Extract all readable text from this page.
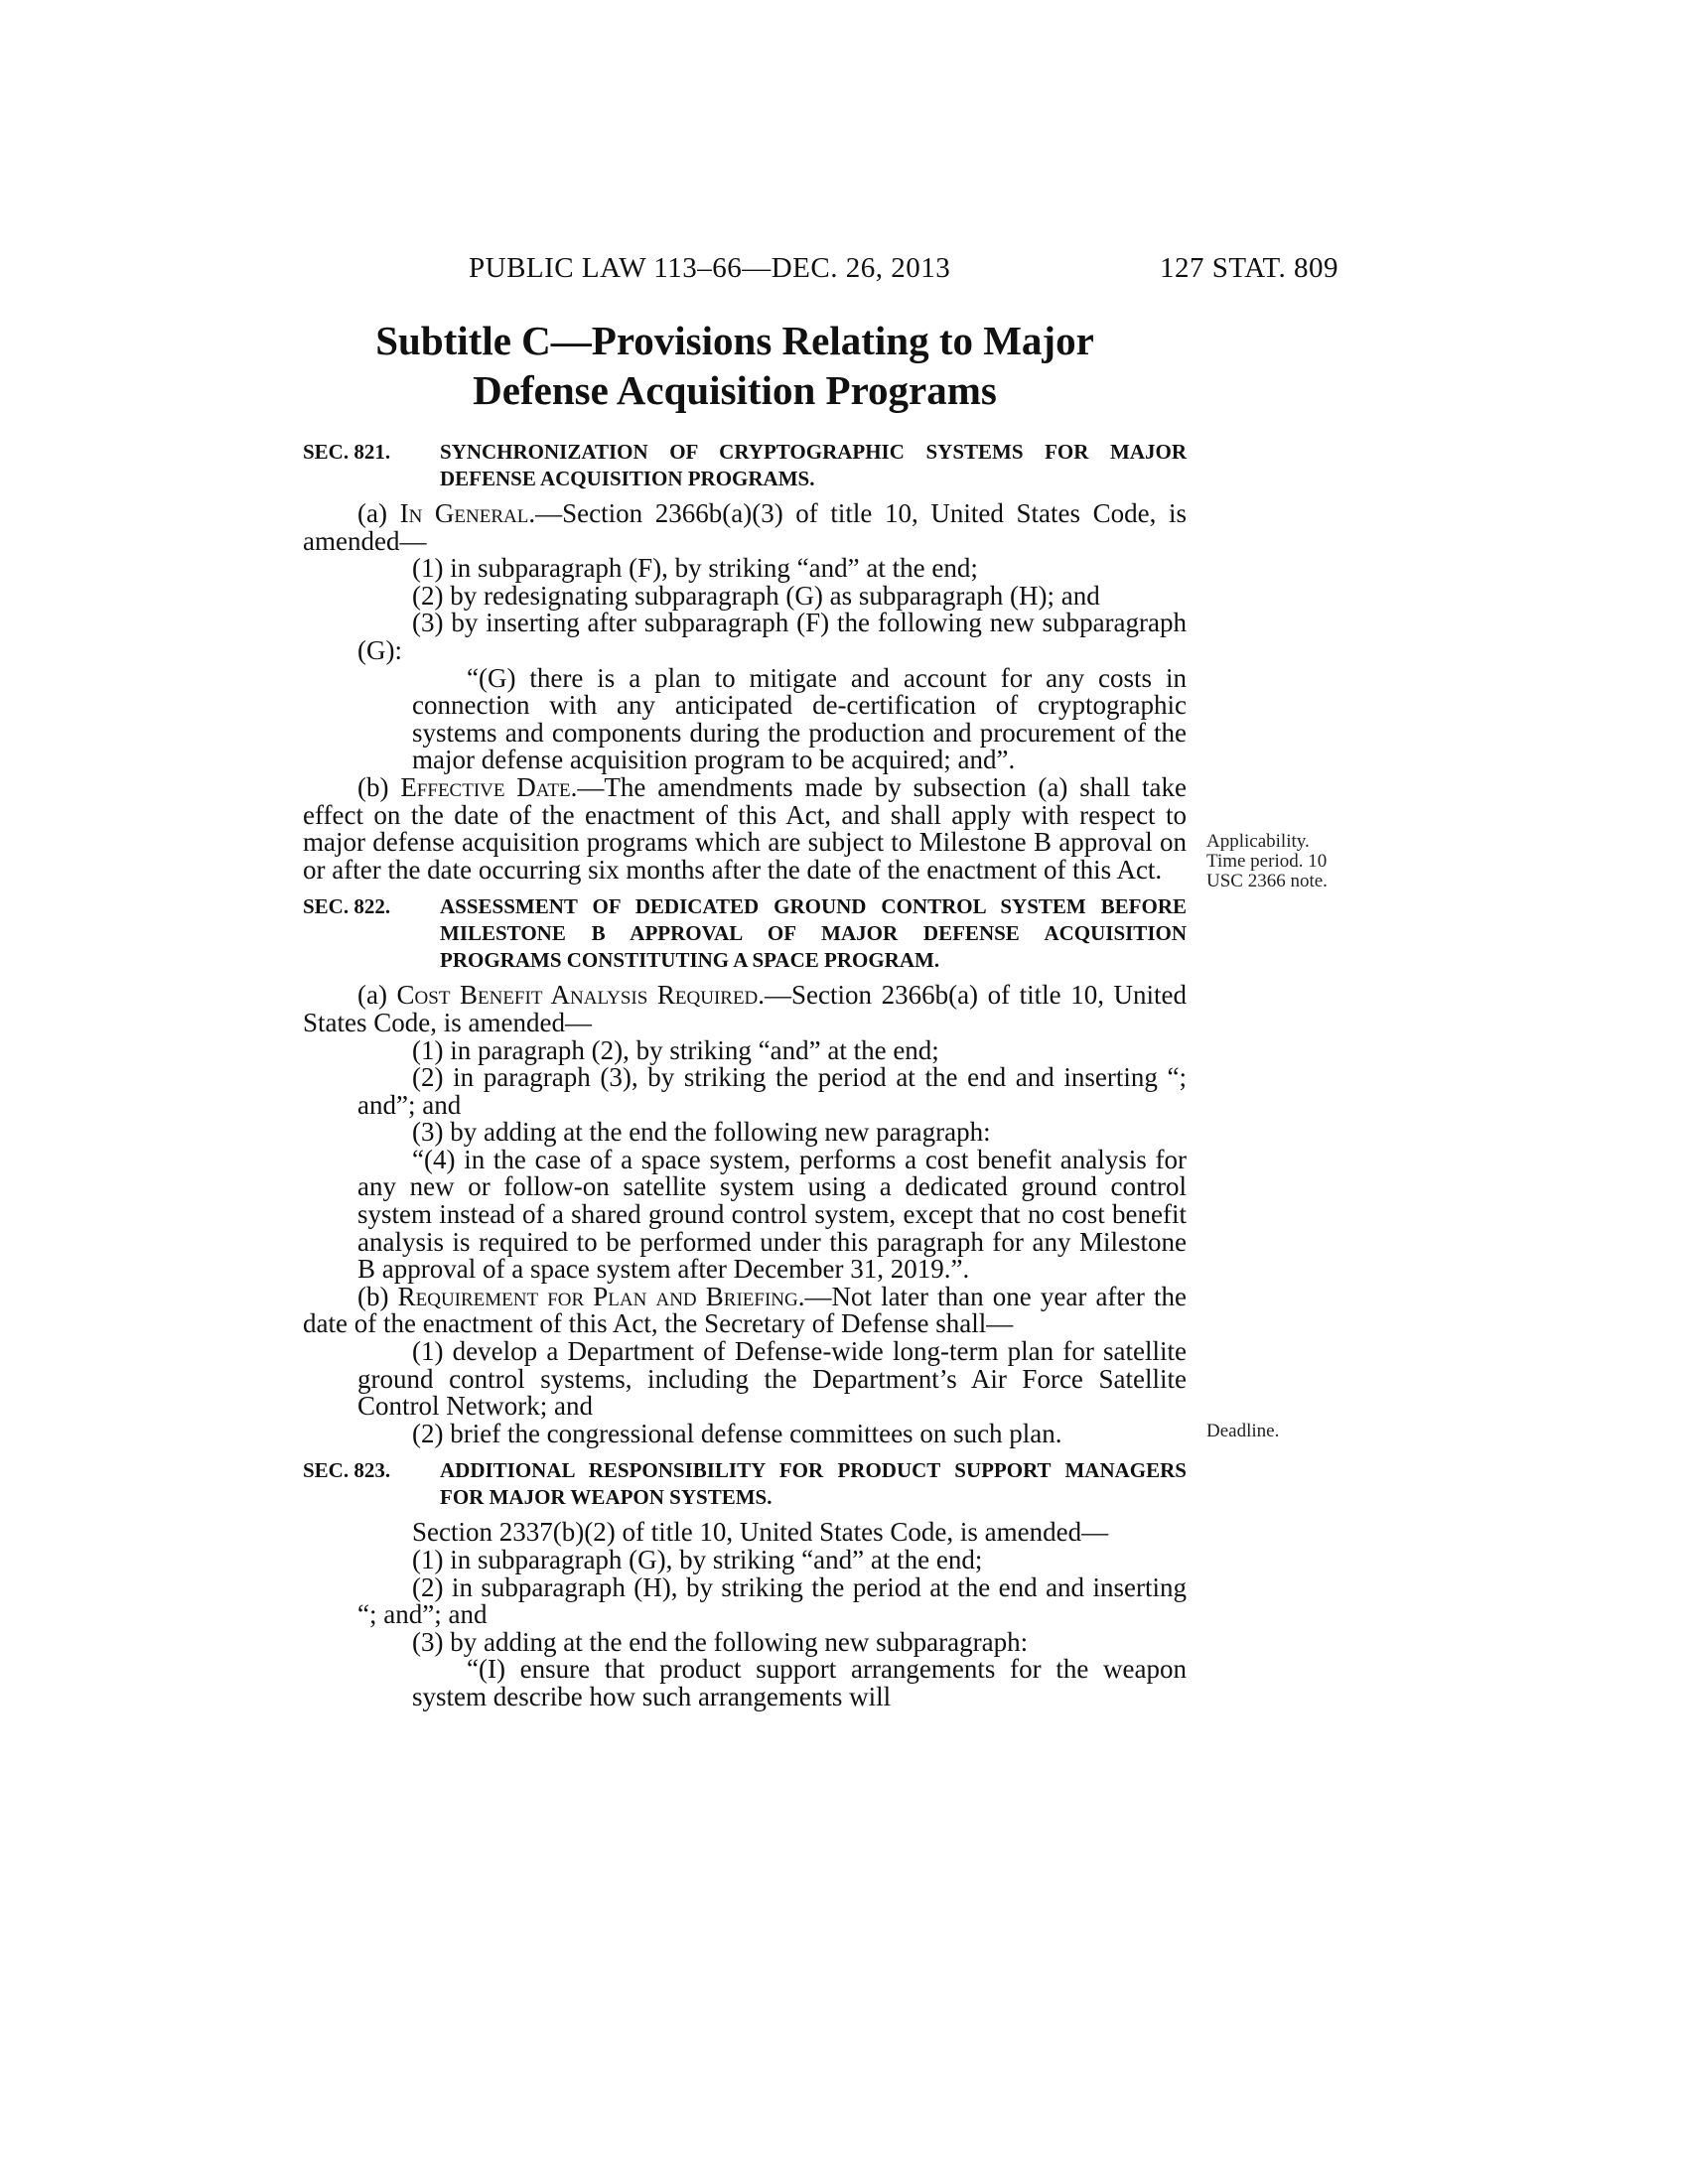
PUBLIC LAW 113–66—DEC. 26, 2013	127 STAT. 809
Subtitle C—Provisions Relating to Major
Defense Acquisition Programs
SEC. 821. SYNCHRONIZATION OF CRYPTOGRAPHIC SYSTEMS FOR MAJOR DEFENSE ACQUISITION PROGRAMS.

(a) In General.—Section 2366b(a)(3) of title 10, United States Code, is amended—

(1) in subparagraph (F), by striking “and” at the end;

(2) by redesignating subparagraph (G) as subparagraph (H); and

(3) by inserting after subparagraph (F) the following new subparagraph (G):

“(G) there is a plan to mitigate and account for any costs in connection with any anticipated de-certification of cryptographic systems and components during the production and procurement of the major defense acquisition program to be acquired; and”.

(b) Effective Date.—The amendments made by subsection (a) shall take effect on the date of the enactment of this Act, and shall apply with respect to major defense acquisition programs which are subject to Milestone B approval on or after the date occurring six months after the date of the enactment of this Act.

SEC. 822. ASSESSMENT OF DEDICATED GROUND CONTROL SYSTEM BEFORE MILESTONE B APPROVAL OF MAJOR DEFENSE ACQUISITION PROGRAMS CONSTITUTING A SPACE PROGRAM.

(a) Cost Benefit Analysis Required.—Section 2366b(a) of title 10, United States Code, is amended—

(1) in paragraph (2), by striking “and” at the end;

(2) in paragraph (3), by striking the period at the end and inserting “; and”; and

(3) by adding at the end the following new paragraph:

“(4) in the case of a space system, performs a cost benefit analysis for any new or follow-on satellite system using a dedicated ground control system instead of a shared ground control system, except that no cost benefit analysis is required to be performed under this paragraph for any Milestone B approval of a space system after December 31, 2019.”.

(b) Requirement for Plan and Briefing.—Not later than one year after the date of the enactment of this Act, the Secretary of Defense shall—

(1) develop a Department of Defense-wide long-term plan for satellite ground control systems, including the Department’s Air Force Satellite Control Network; and

(2) brief the congressional defense committees on such plan.

SEC. 823. ADDITIONAL RESPONSIBILITY FOR PRODUCT SUPPORT MANAGERS FOR MAJOR WEAPON SYSTEMS.

Section 2337(b)(2) of title 10, United States Code, is amended—

(1) in subparagraph (G), by striking “and” at the end;

(2) in subparagraph (H), by striking the period at the end and inserting “; and”; and

(3) by adding at the end the following new subparagraph:

“(I) ensure that product support arrangements for the weapon system describe how such arrangements will

Applicability. Time period. 10 USC 2366 note.
Deadline.
